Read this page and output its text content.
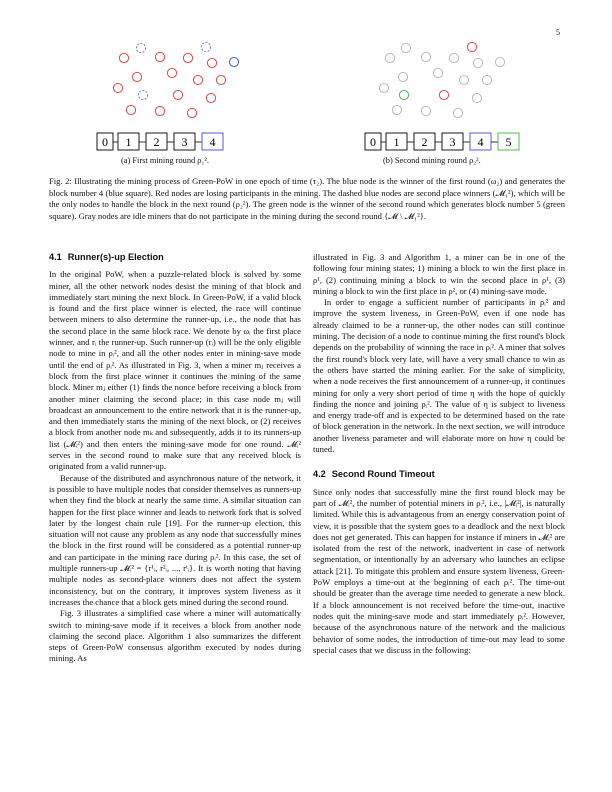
5
0 1 2 3 4
(a) First mining round ρ₁².
0 1 2 3 4 5
(b) Second mining round ρ₂².
Fig. 2: Illustrating the mining process of Green-PoW in one epoch of time (τ₂). The blue node is the winner of the first round (ω₂) and generates the block number 4 (blue square). Red nodes are losing participants in the mining. The dashed blue nodes are second place winners (𝓜₁²), which will be the only nodes to handle the block in the next round (ρ₂²). The green node is the winner of the second round which generates block number 5 (green square). Gray nodes are idle miners that do not participate in the mining during the second round {𝓜 \ 𝓜₁²}.
4.1 Runner(s)-up Election

In the original PoW, when a puzzle-related block is solved by some miner, all the other network nodes desist the mining of that block and immediately start mining the next block. In Green-PoW, if a valid block is found and the first place winner is elected, the race will continue between miners to also determine the runner-up, i.e., the node that has the second place in the same block race. We denote by ωᵢ the first place winner, and rᵢ the runner-up. Such runner-up (rᵢ) will be the only eligible node to mine in ρᵢ², and all the other nodes enter in mining-save mode until the end of ρᵢ². As illustrated in Fig. 3, when a miner mⱼ receives a block from the first place winner it continues the mining of the same block. Miner mⱼ either (1) finds the nonce before receiving a block from another miner claiming the second place; in this case node mⱼ will broadcast an announcement to the entire network that it is the runner-up, and then immediately starts the mining of the next block, or (2) receives a block from another node mₖ and subsequently, adds it to its runners-up list (𝓜ᵢ²) and then enters the mining-save mode for one round. 𝓜ᵢ² serves in the second round to make sure that any received block is originated from a valid runner-up.

Because of the distributed and asynchronous nature of the network, it is possible to have multiple nodes that consider themselves as runners-up when they find the block at nearly the same time. A similar situation can happen for the first place winner and leads to network fork that is solved later by the longest chain rule [19]. For the runner-up election, this situation will not cause any problem as any node that successfully mines the block in the first round will be considered as a potential runner-up and can participate in the mining race during ρᵢ². In this case, the set of multiple runners-up 𝓜ᵢ² = {r¹ᵢ, r²ᵢ, ..., rᵗᵢ}. It is worth noting that having multiple nodes as second-place winners does not affect the system inconsistency, but on the contrary, it improves system liveness as it increases the chance that a block gets mined during the second round.

Fig. 3 illustrates a simplified case where a miner will automatically switch to mining-save mode if it receives a block from another node claiming the second place. Algorithm 1 also summarizes the different steps of Green-PoW consensus algorithm executed by nodes during mining. As

illustrated in Fig. 3 and Algorithm 1, a miner can be in one of the following four mining states; 1) mining a block to win the first place in ρ¹, (2) continuing mining a block to win the second place in ρ¹, (3) mining a block to win the first place in ρ², or (4) mining-save mode.

In order to engage a sufficient number of participants in ρᵢ² and improve the system liveness, in Green-PoW, even if one node has already claimed to be a runner-up, the other nodes can still continue mining. The decision of a node to continue mining the first round's block depends on the probability of winning the race in ρᵢ². A miner that solves the first round's block very late, will have a very small chance to win as the others have started the mining earlier. For the sake of simplicity, when a node receives the first announcement of a runner-up, it continues mining for only a very short period of time η with the hope of quickly finding the nonce and joining ρᵢ². The value of η is subject to liveness and energy trade-off and is expected to be determined based on the rate of block generation in the network. In the next section, we will introduce another liveness parameter and will elaborate more on how η could be tuned.

4.2 Second Round Timeout

Since only nodes that successfully mine the first round block may be part of 𝓜ᵢ², the number of potential miners in ρᵢ², i.e., |𝓜ᵢ²|, is naturally limited. While this is advantageous from an energy conservation point of view, it is possible that the system goes to a deadlock and the next block does not get generated. This can happen for instance if miners in 𝓜ᵢ² are isolated from the rest of the network, inadvertent in case of network segmentation, or intentionally by an adversary who launches an eclipse attack [21]. To mitigate this problem and ensure system liveness, Green-PoW employs a time-out at the beginning of each ρᵢ². The time-out should be greater than the average time needed to generate a new block. If a block announcement is not received before the time-out, inactive nodes quit the mining-save mode and start immediately ρᵢ². However, because of the asynchronous nature of the network and the malicious behavior of some nodes, the introduction of time-out may lead to some special cases that we discuss in the following:
